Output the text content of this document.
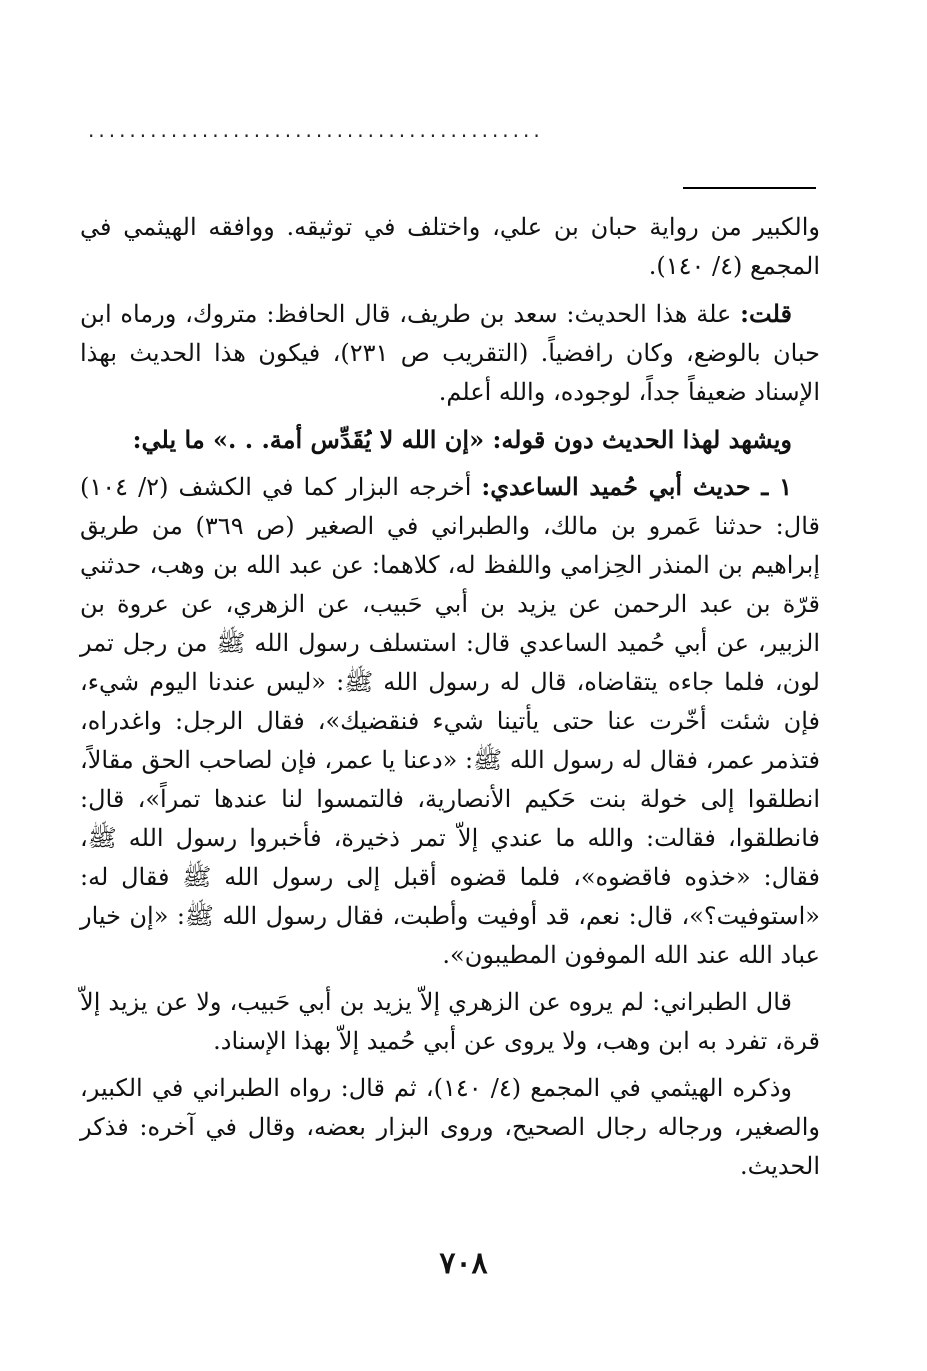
............................................

والكبير من رواية حبان بن علي، واختلف في توثيقه. ووافقه الهيثمي في المجمع (٤/ ١٤٠).

قلت: علة هذا الحديث: سعد بن طريف، قال الحافظ: متروك، ورماه ابن حبان بالوضع، وكان رافضياً. (التقريب ص ٢٣١)، فيكون هذا الحديث بهذا الإسناد ضعيفاً جداً، لوجوده، والله أعلم.

ويشهد لهذا الحديث دون قوله: «إن الله لا يُقَدِّس أمة. . .» ما يلي:

١ ـ حديث أبي حُميد الساعدي: أخرجه البزار كما في الكشف (٢/ ١٠٤) قال: حدثنا عَمرو بن مالك، والطبراني في الصغير (ص ٣٦٩) من طريق إبراهيم بن المنذر الحِزامي واللفظ له، كلاهما: عن عبد الله بن وهب، حدثني قرّة بن عبد الرحمن عن يزيد بن أبي حَبيب، عن الزهري، عن عروة بن الزبير، عن أبي حُميد الساعدي قال: استسلف رسول الله ﷺ من رجل تمر لون، فلما جاءه يتقاضاه، قال له رسول الله ﷺ: «ليس عندنا اليوم شيء، فإن شئت أخّرت عنا حتى يأتينا شيء فنقضيك»، فقال الرجل: واغدراه، فتذمر عمر، فقال له رسول الله ﷺ: «دعنا يا عمر، فإن لصاحب الحق مقالاً، انطلقوا إلى خولة بنت حَكيم الأنصارية، فالتمسوا لنا عندها تمراً»، قال: فانطلقوا، فقالت: والله ما عندي إلاّ تمر ذخيرة، فأخبروا رسول الله ﷺ، فقال: «خذوه فاقضوه»، فلما قضوه أقبل إلى رسول الله ﷺ فقال له: «استوفيت؟»، قال: نعم، قد أوفيت وأطبت، فقال رسول الله ﷺ: «إن خيار عباد الله عند الله الموفون المطيبون».

قال الطبراني: لم يروه عن الزهري إلاّ يزيد بن أبي حَبيب، ولا عن يزيد إلاّ قرة، تفرد به ابن وهب، ولا يروى عن أبي حُميد إلاّ بهذا الإسناد.

وذكره الهيثمي في المجمع (٤/ ١٤٠)، ثم قال: رواه الطبراني في الكبير، والصغير، ورجاله رجال الصحيح، وروى البزار بعضه، وقال في آخره: فذكر الحديث.

٧٠٨
